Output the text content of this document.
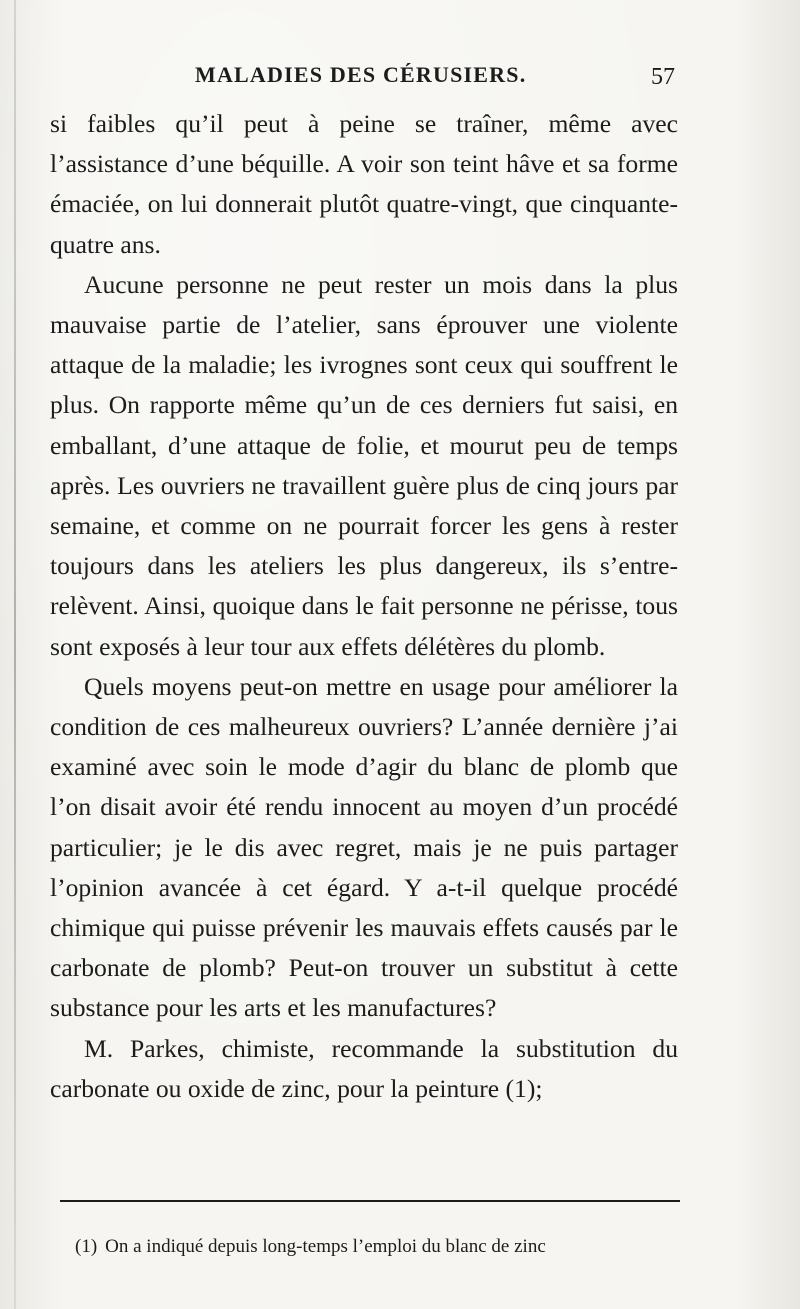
MALADIES DES CÉRUSIERS.	57

si faibles qu’il peut à peine se traîner, même avec l’assistance d’une béquille. A voir son teint hâve et sa forme émaciée, on lui donnerait plutôt quatre-vingt, que cinquante-quatre ans.

Aucune personne ne peut rester un mois dans la plus mauvaise partie de l’atelier, sans éprouver une violente attaque de la maladie; les ivrognes sont ceux qui souffrent le plus. On rapporte même qu’un de ces derniers fut saisi, en emballant, d’une attaque de folie, et mourut peu de temps après. Les ouvriers ne travaillent guère plus de cinq jours par semaine, et comme on ne pourrait forcer les gens à rester toujours dans les ateliers les plus dangereux, ils s’entre-relèvent. Ainsi, quoique dans le fait personne ne périsse, tous sont exposés à leur tour aux effets délétères du plomb.

Quels moyens peut-on mettre en usage pour améliorer la condition de ces malheureux ouvriers? L’année dernière j’ai examiné avec soin le mode d’agir du blanc de plomb que l’on disait avoir été rendu innocent au moyen d’un procédé particulier; je le dis avec regret, mais je ne puis partager l’opinion avancée à cet égard. Y a-t-il quelque procédé chimique qui puisse prévenir les mauvais effets causés par le carbonate de plomb? Peut-on trouver un substitut à cette substance pour les arts et les manufactures?

M. Parkes, chimiste, recommande la substitution du carbonate ou oxide de zinc, pour la peinture (1);

(1) On a indiqué depuis long-temps l’emploi du blanc de zinc
